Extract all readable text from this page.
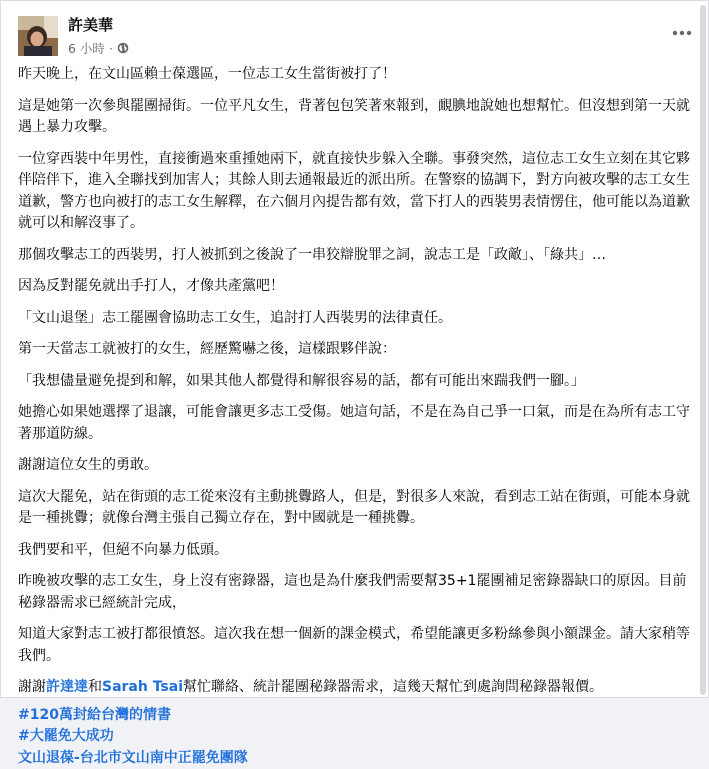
許美華
6 小時 ·

昨天晚上，在文山區賴士葆選區，一位志工女生當街被打了！

這是她第一次參與罷團掃街。一位平凡女生，背著包包笑著來報到，靦腆地說她也想幫忙。但沒想到第一天就遇上暴力攻擊。

一位穿西裝中年男性，直接衝過來重揰她兩下，就直接快步躲入全聯。事發突然，這位志工女生立刻在其它夥伴陪伴下，進入全聯找到加害人；其餘人則去通報最近的派出所。在警察的協調下，對方向被攻擊的志工女生道歉，警方也向被打的志工女生解釋，在六個月內提告都有效，當下打人的西裝男表情愣住，他可能以為道歉就可以和解沒事了。

那個攻擊志工的西裝男，打人被抓到之後說了一串狡辯脫罪之詞，說志工是「政敵」、「綠共」…

因為反對罷免就出手打人，才像共產黨吧！

「文山退堡」志工罷團會協助志工女生，追討打人西裝男的法律責任。

第一天當志工就被打的女生，經歷驚嚇之後，這樣跟夥伴說：

「我想儘量避免提到和解，如果其他人都覺得和解很容易的話，都有可能出來踹我們一腳。」

她擔心如果她選擇了退讓，可能會讓更多志工受傷。她這句話，不是在為自己爭一口氣，而是在為所有志工守著那道防線。

謝謝這位女生的勇敢。

這次大罷免，站在街頭的志工從來沒有主動挑釁路人，但是，對很多人來說，看到志工站在街頭，可能本身就是一種挑釁；就像台灣主張自己獨立存在，對中國就是一種挑釁。

我們要和平，但絕不向暴力低頭。

昨晚被攻擊的志工女生，身上沒有密錄器，這也是為什麼我們需要幫35+1罷團補足密錄器缺口的原因。目前秘錄器需求已經統計完成，

知道大家對志工被打都很憤怒。這次我在想一個新的課金模式，希望能讓更多粉絲參與小額課金。請大家稍等我們。

謝謝許達達和Sarah Tsai幫忙聯絡、統計罷團秘錄器需求，這幾天幫忙到處詢問秘錄器報價。

#120萬封給台灣的情書
#大罷免大成功
文山退葆-台北市文山南中正罷免團隊
